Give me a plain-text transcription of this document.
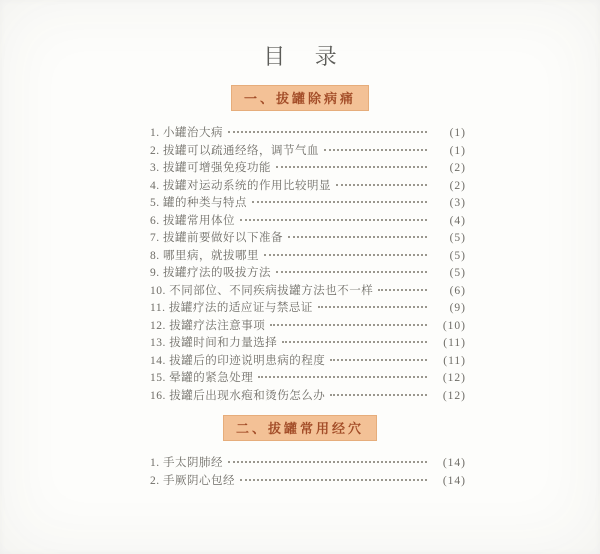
目 录
一、拔罐除病痛
1. 小罐治大病	(1)
2. 拔罐可以疏通经络，调节气血	(1)
3. 拔罐可增强免疫功能	(2)
4. 拔罐对运动系统的作用比较明显	(2)
5. 罐的种类与特点	(3)
6. 拔罐常用体位	(4)
7. 拔罐前要做好以下准备	(5)
8. 哪里病，就拔哪里	(5)
9. 拔罐疗法的吸拔方法	(5)
10. 不同部位、不同疾病拔罐方法也不一样	(6)
11. 拔罐疗法的适应证与禁忌证	(9)
12. 拔罐疗法注意事项	(10)
13. 拔罐时间和力量选择	(11)
14. 拔罐后的印迹说明患病的程度	(11)
15. 晕罐的紧急处理	(12)
16. 拔罐后出现水疱和烫伤怎么办	(12)
二、拔罐常用经穴
1. 手太阴肺经	(14)
2. 手厥阴心包经	(14)
